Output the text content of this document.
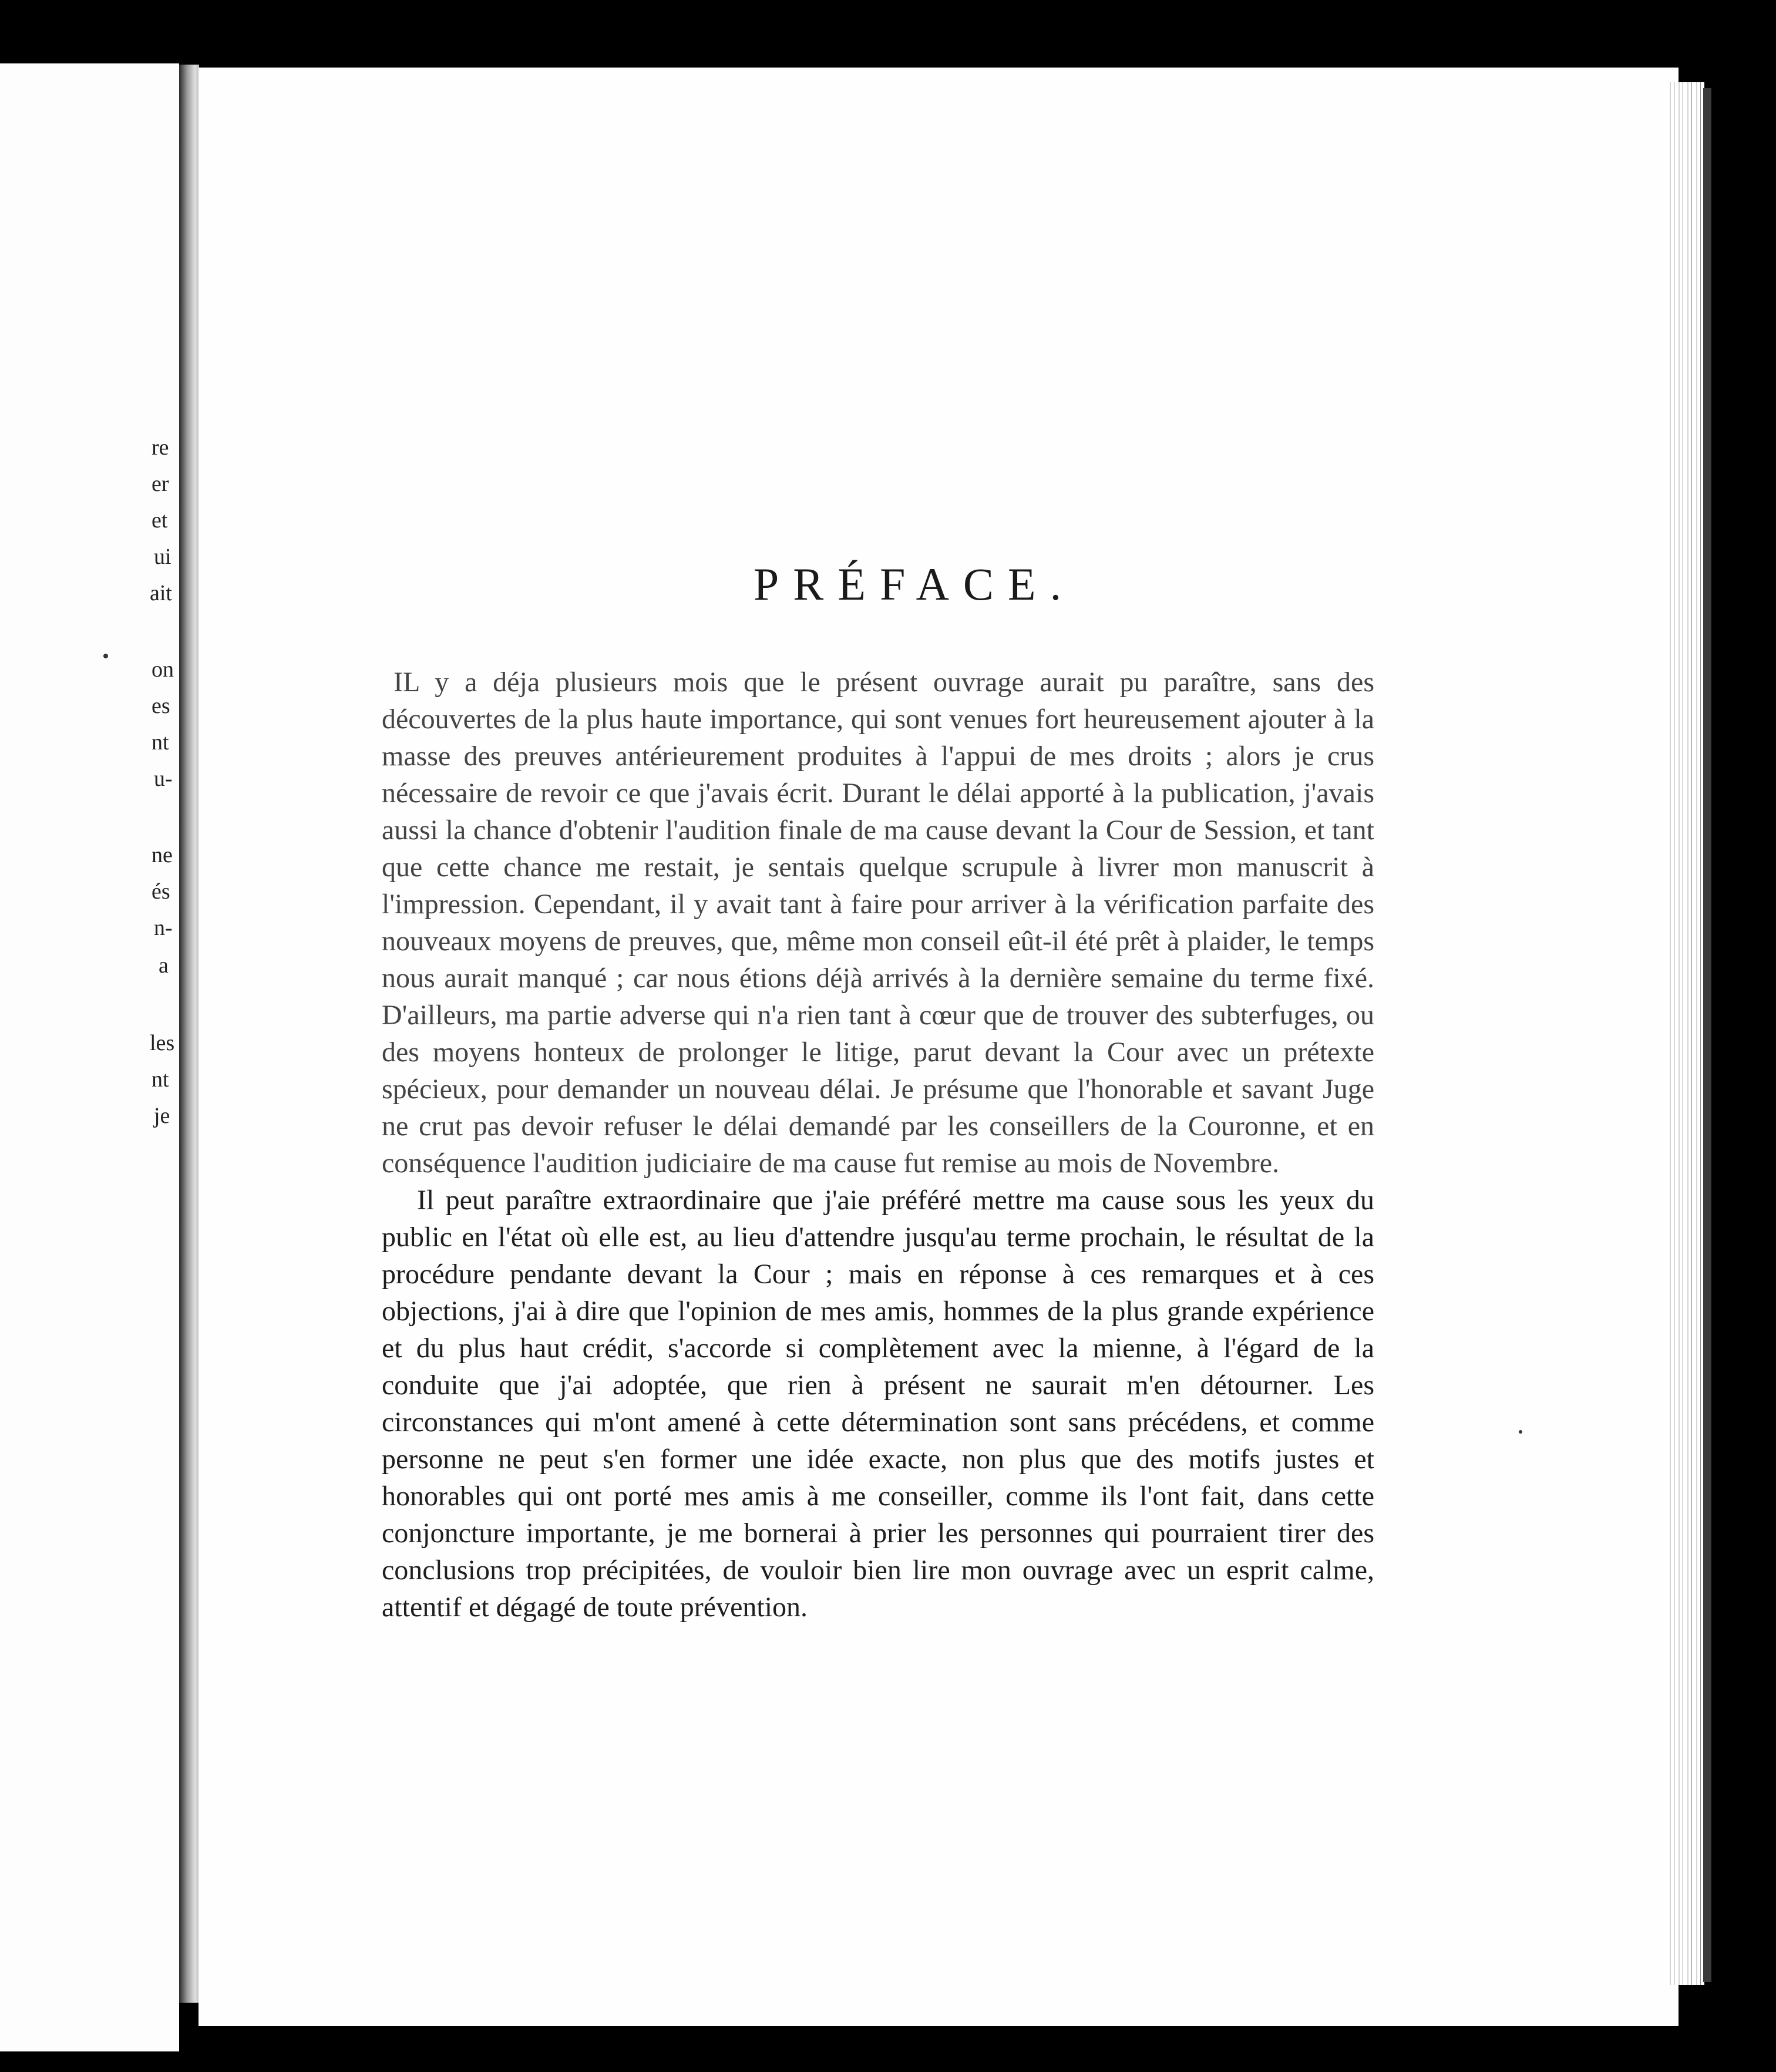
re
er
et
ui
ait
on
es
nt
u-
ne
és
n-
a
les
nt
je
PRÉFACE.

IL y a déja plusieurs mois que le présent ouvrage aurait pu paraître, sans des découvertes de la plus haute importance, qui sont venues fort heureusement ajouter à la masse des preuves antérieurement produites à l'appui de mes droits ; alors je crus nécessaire de revoir ce que j'avais écrit. Durant le délai apporté à la publication, j'avais aussi la chance d'obtenir l'audition finale de ma cause devant la Cour de Session, et tant que cette chance me restait, je sentais quelque scrupule à livrer mon manuscrit à l'impression. Cependant, il y avait tant à faire pour arriver à la vérification parfaite des nouveaux moyens de preuves, que, même mon conseil eût-il été prêt à plaider, le temps nous aurait manqué ; car nous étions déjà arrivés à la dernière semaine du terme fixé. D'ailleurs, ma partie adverse qui n'a rien tant à cœur que de trouver des subterfuges, ou des moyens honteux de prolonger le litige, parut devant la Cour avec un prétexte spécieux, pour demander un nouveau délai. Je présume que l'honorable et savant Juge ne crut pas devoir refuser le délai demandé par les conseillers de la Couronne, et en conséquence l'audition judiciaire de ma cause fut remise au mois de Novembre.

Il peut paraître extraordinaire que j'aie préféré mettre ma cause sous les yeux du public en l'état où elle est, au lieu d'attendre jusqu'au terme prochain, le résultat de la procédure pendante devant la Cour ; mais en réponse à ces remarques et à ces objections, j'ai à dire que l'opinion de mes amis, hommes de la plus grande expérience et du plus haut crédit, s'accorde si complètement avec la mienne, à l'égard de la conduite que j'ai adoptée, que rien à présent ne saurait m'en détourner. Les circonstances qui m'ont amené à cette détermination sont sans précédens, et comme personne ne peut s'en former une idée exacte, non plus que des motifs justes et honorables qui ont porté mes amis à me conseiller, comme ils l'ont fait, dans cette conjoncture importante, je me bornerai à prier les personnes qui pourraient tirer des conclusions trop précipitées, de vouloir bien lire mon ouvrage avec un esprit calme, attentif et dégagé de toute prévention.
